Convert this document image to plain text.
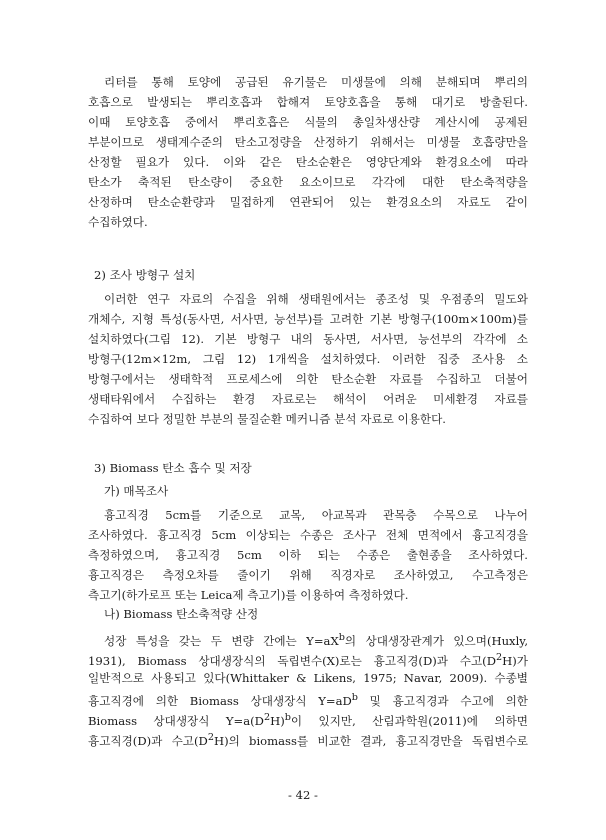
리터를 통해 토양에 공급된 유기물은 미생물에 의해 분해되며 뿌리의
호흡으로 발생되는 뿌리호흡과 합해져 토양호흡을 통해 대기로 방출된다.
이때 토양호흡 중에서 뿌리호흡은 식물의 총일차생산량 계산시에 공제된
부분이므로 생태계수준의 탄소고정량을 산정하기 위해서는 미생물 호흡량만을
산정할 필요가 있다. 이와 같은 탄소순환은 영양단계와 환경요소에 따라
탄소가 축적된 탄소량이 중요한 요소이므로 각각에 대한 탄소축적량을
산정하며 탄소순환량과 밀접하게 연관되어 있는 환경요소의 자료도 같이
수집하였다.
2) 조사 방형구 설치
이러한 연구 자료의 수집을 위해 생태원에서는 종조성 및 우점종의 밀도와
개체수, 지형 특성(동사면, 서사면, 능선부)를 고려한 기본 방형구(100m×100m)를
설치하였다(그림 12). 기본 방형구 내의 동사면, 서사면, 능선부의 각각에 소
방형구(12m×12m, 그림 12) 1개씩을 설치하였다. 이러한 집중 조사용 소
방형구에서는 생태학적 프로세스에 의한 탄소순환 자료를 수집하고 더불어
생태타워에서 수집하는 환경 자료로는 해석이 어려운 미세환경 자료를
수집하여 보다 정밀한 부분의 물질순환 메커니즘 분석 자료로 이용한다.
3) Biomass 탄소 흡수 및 저장
가) 매목조사
흉고직경 5cm를 기준으로 교목, 아교목과 관목층 수목으로 나누어
조사하였다. 흉고직경 5cm 이상되는 수종은 조사구 전체 면적에서 흉고직경을
측정하였으며, 흉고직경 5cm 이하 되는 수종은 출현종을 조사하였다.
흉고직경은 측정오차를 줄이기 위해 직경자로 조사하였고, 수고측정은
측고기(하가로프 또는 Leica제 측고기)를 이용하여 측정하였다.
나) Biomass 탄소축적량 산정
성장 특성을 갖는 두 변량 간에는 $Y=aX^b$의 상대생장관계가 있으며(Huxly,
1931), Biomass 상대생장식의 독립변수(X)로는 흉고직경(D)과 수고$(D^2H)$가
일반적으로 사용되고 있다(Whittaker & Likens, 1975; Navar, 2009). 수종별
흉고직경에 의한 Biomass 상대생장식 $Y=aD^b$ 및 흉고직경과 수고에 의한
Biomass 상대생장식 $Y=a(D^2H)^b$이 있지만, 산림과학원(2011)에 의하면
흉고직경(D)과 수고$(D^2H)$의 biomass를 비교한 결과, 흉고직경만을 독립변수로
- 42 -
